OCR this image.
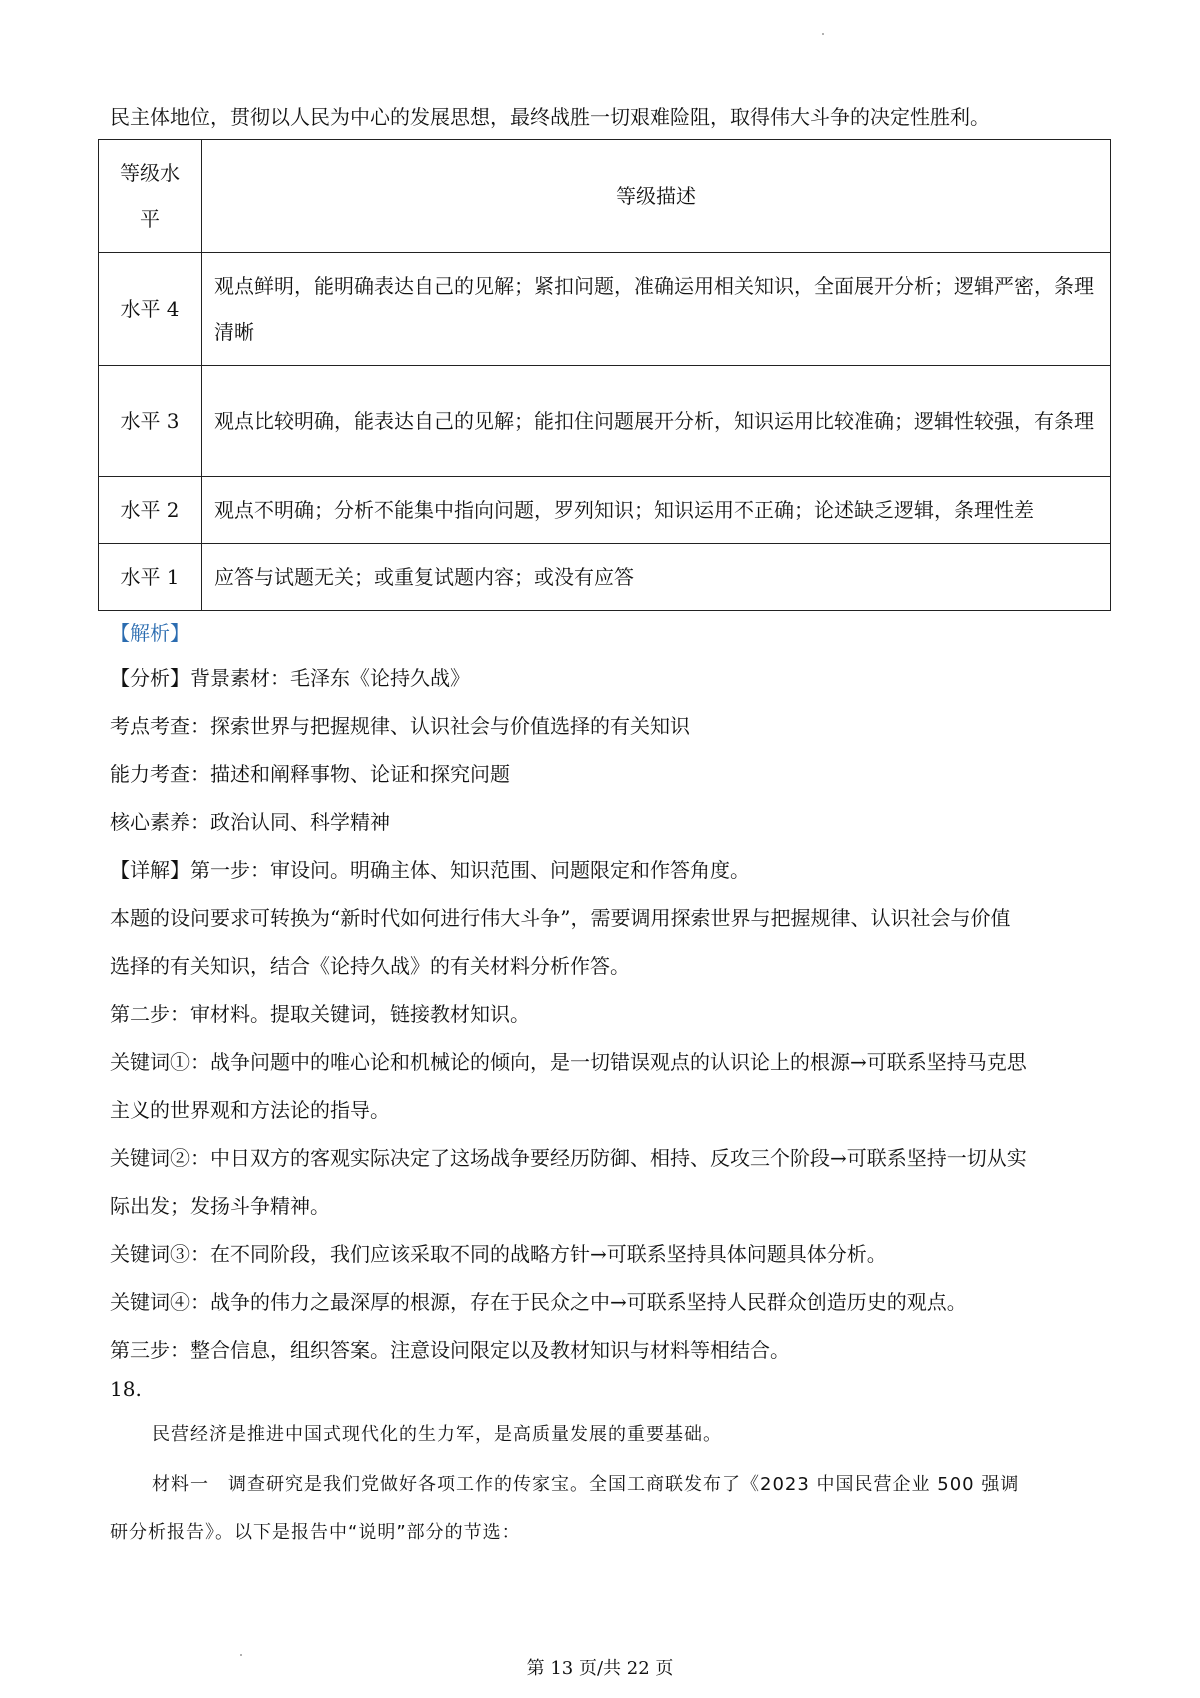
民主体地位，贯彻以人民为中心的发展思想，最终战胜一切艰难险阻，取得伟大斗争的决定性胜利。
等级水平	等级描述
水平 4	观点鲜明，能明确表达自己的见解；紧扣问题，准确运用相关知识，全面展开分析；逻辑严密，条理清晰
水平 3	观点比较明确，能表达自己的见解；能扣住问题展开分析，知识运用比较准确；逻辑性较强，有条理
水平 2	观点不明确；分析不能集中指向问题，罗列知识；知识运用不正确；论述缺乏逻辑，条理性差
水平 1	应答与试题无关；或重复试题内容；或没有应答
【解析】
【分析】背景素材：毛泽东《论持久战》
考点考查：探索世界与把握规律、认识社会与价值选择的有关知识
能力考查：描述和阐释事物、论证和探究问题
核心素养：政治认同、科学精神
【详解】第一步：审设问。明确主体、知识范围、问题限定和作答角度。
本题的设问要求可转换为“新时代如何进行伟大斗争”，需要调用探索世界与把握规律、认识社会与价值
选择的有关知识，结合《论持久战》的有关材料分析作答。
第二步：审材料。提取关键词，链接教材知识。
关键词①：战争问题中的唯心论和机械论的倾向，是一切错误观点的认识论上的根源→可联系坚持马克思
主义的世界观和方法论的指导。
关键词②：中日双方的客观实际决定了这场战争要经历防御、相持、反攻三个阶段→可联系坚持一切从实
际出发；发扬斗争精神。
关键词③：在不同阶段，我们应该采取不同的战略方针→可联系坚持具体问题具体分析。
关键词④：战争的伟力之最深厚的根源，存在于民众之中→可联系坚持人民群众创造历史的观点。
第三步：整合信息，组织答案。注意设问限定以及教材知识与材料等相结合。
18.
民营经济是推进中国式现代化的生力军，是高质量发展的重要基础。
材料一　调查研究是我们党做好各项工作的传家宝。全国工商联发布了《2023 中国民营企业 500 强调
研分析报告》。以下是报告中“说明”部分的节选：
第 13 页/共 22 页
